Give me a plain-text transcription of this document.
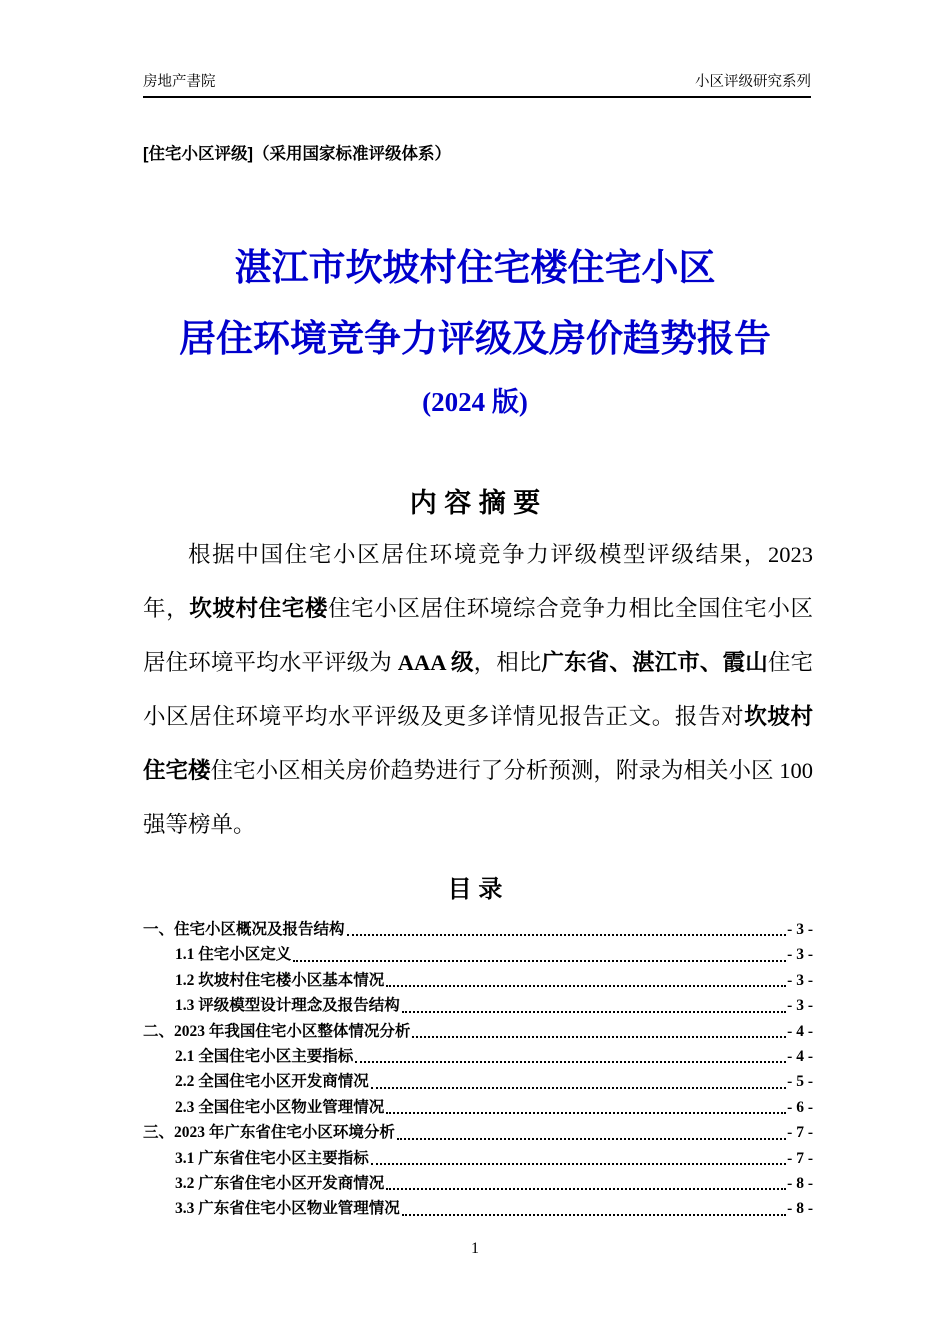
房地产書院	小区评级研究系列
[住宅小区评级]（采用国家标准评级体系）
湛江市坎坡村住宅楼住宅小区
居住环境竞争力评级及房价趋势报告
(2024 版)
内 容 摘 要

根据中国住宅小区居住环境竞争力评级模型评级结果，2023 年，坎坡村住宅楼住宅小区居住环境综合竞争力相比全国住宅小区居住环境平均水平评级为 AAA 级，相比广东省、湛江市、霞山住宅小区居住环境平均水平评级及更多详情见报告正文。报告对坎坡村住宅楼住宅小区相关房价趋势进行了分析预测，附录为相关小区 100 强等榜单。

目 录
一、住宅小区概况及报告结构	- 3 -
1.1 住宅小区定义	- 3 -
1.2 坎坡村住宅楼小区基本情况	- 3 -
1.3 评级模型设计理念及报告结构	- 3 -
二、2023 年我国住宅小区整体情况分析	- 4 -
2.1 全国住宅小区主要指标	- 4 -
2.2 全国住宅小区开发商情况	- 5 -
2.3 全国住宅小区物业管理情况	- 6 -
三、2023 年广东省住宅小区环境分析	- 7 -
3.1 广东省住宅小区主要指标	- 7 -
3.2 广东省住宅小区开发商情况	- 8 -
3.3 广东省住宅小区物业管理情况	- 8 -
1
